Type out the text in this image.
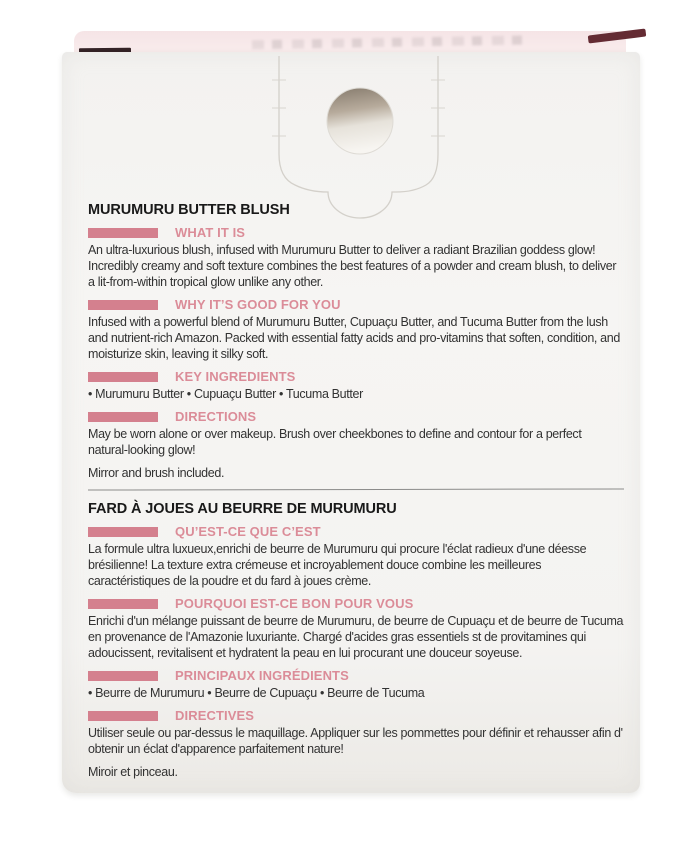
MURUMURU BUTTER BLUSH

WHAT IT IS

An ultra-luxurious blush, infused with Murumuru Butter to deliver a radiant Brazilian goddess glow! Incredibly creamy and soft texture combines the best features of a powder and cream blush, to deliver a lit-from-within tropical glow unlike any other.

WHY IT’S GOOD FOR YOU

Infused with a powerful blend of Murumuru Butter, Cupuaçu Butter, and Tucuma Butter from the lush and nutrient-rich Amazon. Packed with essential fatty acids and pro-vitamins that soften, condition, and moisturize skin, leaving it silky soft.

KEY INGREDIENTS

• Murumuru Butter • Cupuaçu Butter • Tucuma Butter

DIRECTIONS

May be worn alone or over makeup. Brush over cheekbones to define and contour for a perfect natural-looking glow!

Mirror and brush included.

FARD À JOUES AU BEURRE DE MURUMURU

QU’EST-CE QUE C’EST

La formule ultra luxueux,enrichi de beurre de Murumuru qui procure l'éclat radieux d'une déesse brésilienne! La texture extra crémeuse et incroyablement douce combine les meilleures caractéristiques de la poudre et du fard à joues crème.

POURQUOI EST-CE BON POUR VOUS

Enrichi d'un mélange puissant de beurre de Murumuru, de beurre de Cupuaçu et de beurre de Tucuma en provenance de l'Amazonie luxuriante. Chargé d'acides gras essentiels st de provitamines qui adoucissent, revitalisent et hydratent la peau en lui procurant une douceur soyeuse.

PRINCIPAUX INGRÉDIENTS

• Beurre de Murumuru • Beurre de Cupuaçu • Beurre de Tucuma

DIRECTIVES

Utiliser seule ou par-dessus le maquillage. Appliquer sur les pommettes pour définir et rehausser afin d' obtenir un éclat d'apparence parfaitement nature!

Miroir et pinceau.
